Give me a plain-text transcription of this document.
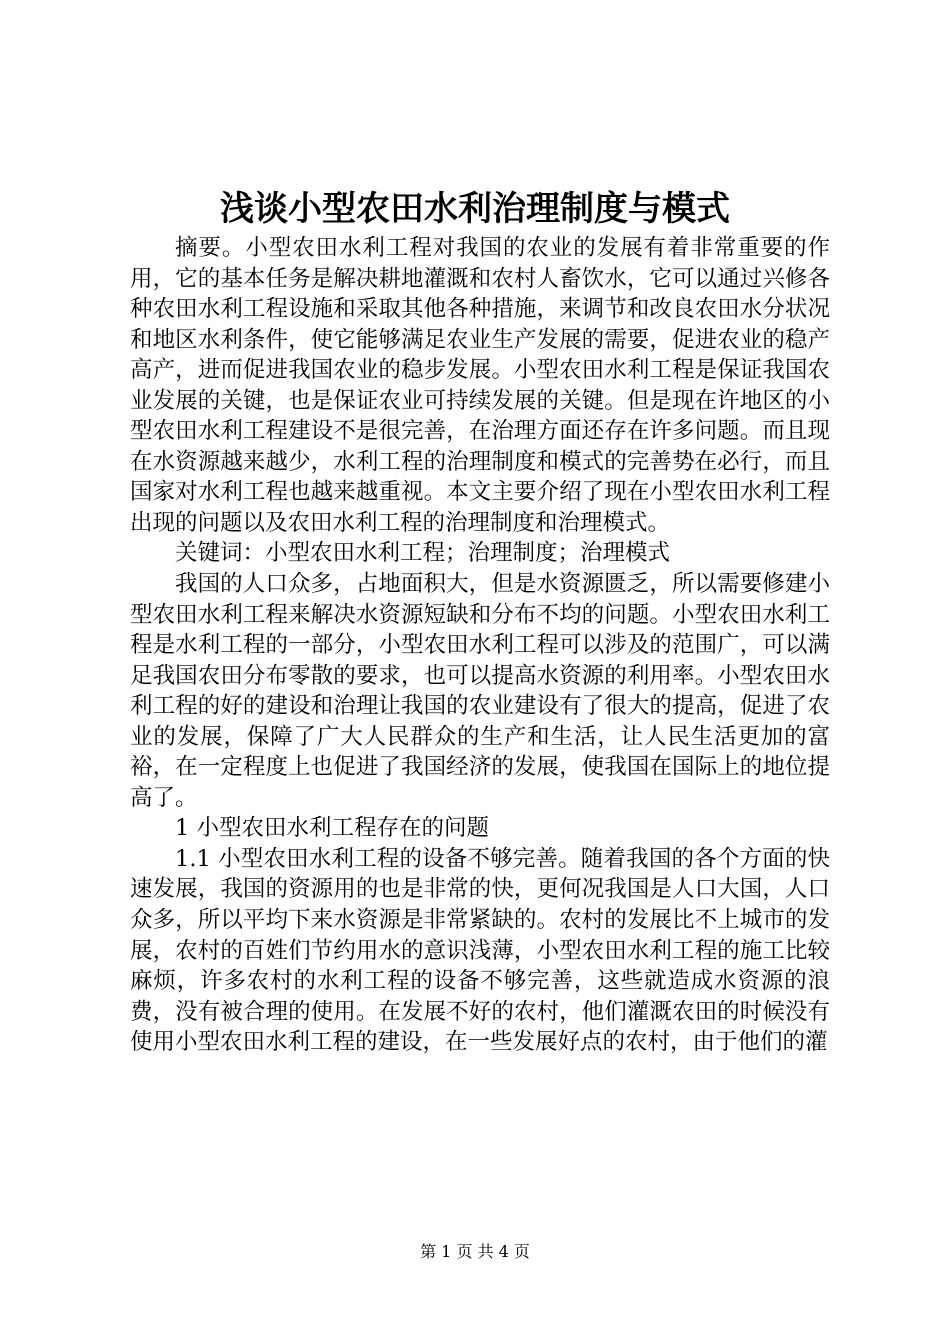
浅谈小型农田水利治理制度与模式

摘要。小型农田水利工程对我国的农业的发展有着非常重要的作用，它的基本任务是解决耕地灌溉和农村人畜饮水，它可以通过兴修各种农田水利工程设施和采取其他各种措施，来调节和改良农田水分状况和地区水利条件，使它能够满足农业生产发展的需要，促进农业的稳产高产，进而促进我国农业的稳步发展。小型农田水利工程是保证我国农业发展的关键，也是保证农业可持续发展的关键。但是现在许地区的小型农田水利工程建设不是很完善，在治理方面还存在许多问题。而且现在水资源越来越少，水利工程的治理制度和模式的完善势在必行，而且国家对水利工程也越来越重视。本文主要介绍了现在小型农田水利工程出现的问题以及农田水利工程的治理制度和治理模式。

关键词：小型农田水利工程；治理制度；治理模式

我国的人口众多，占地面积大，但是水资源匮乏，所以需要修建小型农田水利工程来解决水资源短缺和分布不均的问题。小型农田水利工程是水利工程的一部分，小型农田水利工程可以涉及的范围广，可以满足我国农田分布零散的要求，也可以提高水资源的利用率。小型农田水利工程的好的建设和治理让我国的农业建设有了很大的提高，促进了农业的发展，保障了广大人民群众的生产和生活，让人民生活更加的富裕，在一定程度上也促进了我国经济的发展，使我国在国际上的地位提高了。

1 小型农田水利工程存在的问题

1.1 小型农田水利工程的设备不够完善。随着我国的各个方面的快速发展，我国的资源用的也是非常的快，更何况我国是人口大国，人口众多，所以平均下来水资源是非常紧缺的。农村的发展比不上城市的发展，农村的百姓们节约用水的意识浅薄，小型农田水利工程的施工比较麻烦，许多农村的水利工程的设备不够完善，这些就造成水资源的浪费，没有被合理的使用。在发展不好的农村，他们灌溉农田的时候没有使用小型农田水利工程的建设，在一些发展好点的农村，由于他们的灌

第 1 页 共 4 页
